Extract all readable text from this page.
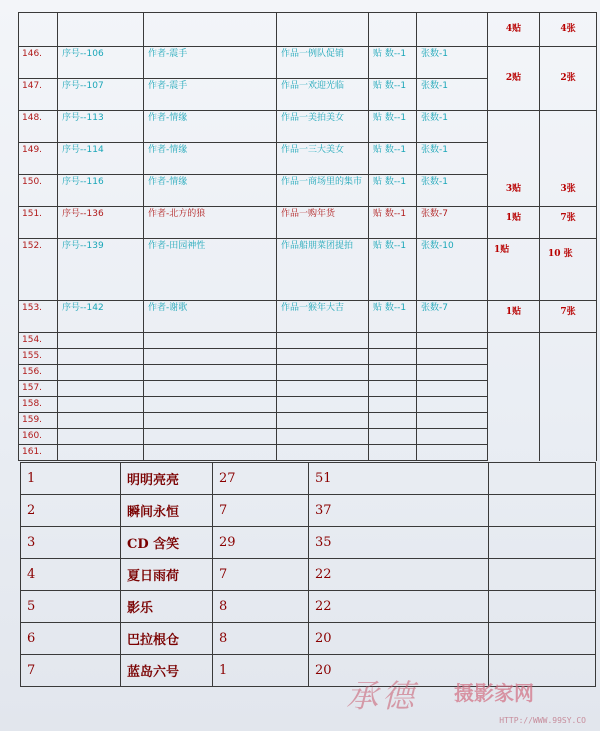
						4贴	4张
146.	序号--106	作者-震手	作品一例队促销	贴 数--1	张数-1	2贴	2张
147.	序号--107	作者-震手	作品一欢迎光临	贴 数--1	张数-1		
148.	序号--113	作者-情缘	作品一美拍美女	贴 数--1	张数-1	3贴	3张
149.	序号--114	作者-情缘	作品一三大美女	贴 数--1	张数-1		
150.	序号--116	作者-情缘	作品一商场里的集市	贴 数--1	张数-1		
151.	序号--136	作者-北方的狼	作品一购年货	贴 数--1	张数-7	1贴	7张
152.	序号--139	作者-田园神性	作品船朋菜团提拍	贴 数--1	张数-10	1贴	10 张
153.	序号--142	作者-谢歌	作品一猴年大吉	贴 数--1	张数-7	1贴	7张
154.							
155.							
156.							
157.							
158.							
159.							
160.							
161.							
1	明明亮亮	27	51	
2	瞬间永恒	7	37	
3	CD 含笑	29	35	
4	夏日雨荷	7	22	
5	影乐	8	22	
6	巴拉根仓	8	20	
7	蓝岛六号	1	20	
承德 摄影家网
HTTP://WWW.99SY.CO
